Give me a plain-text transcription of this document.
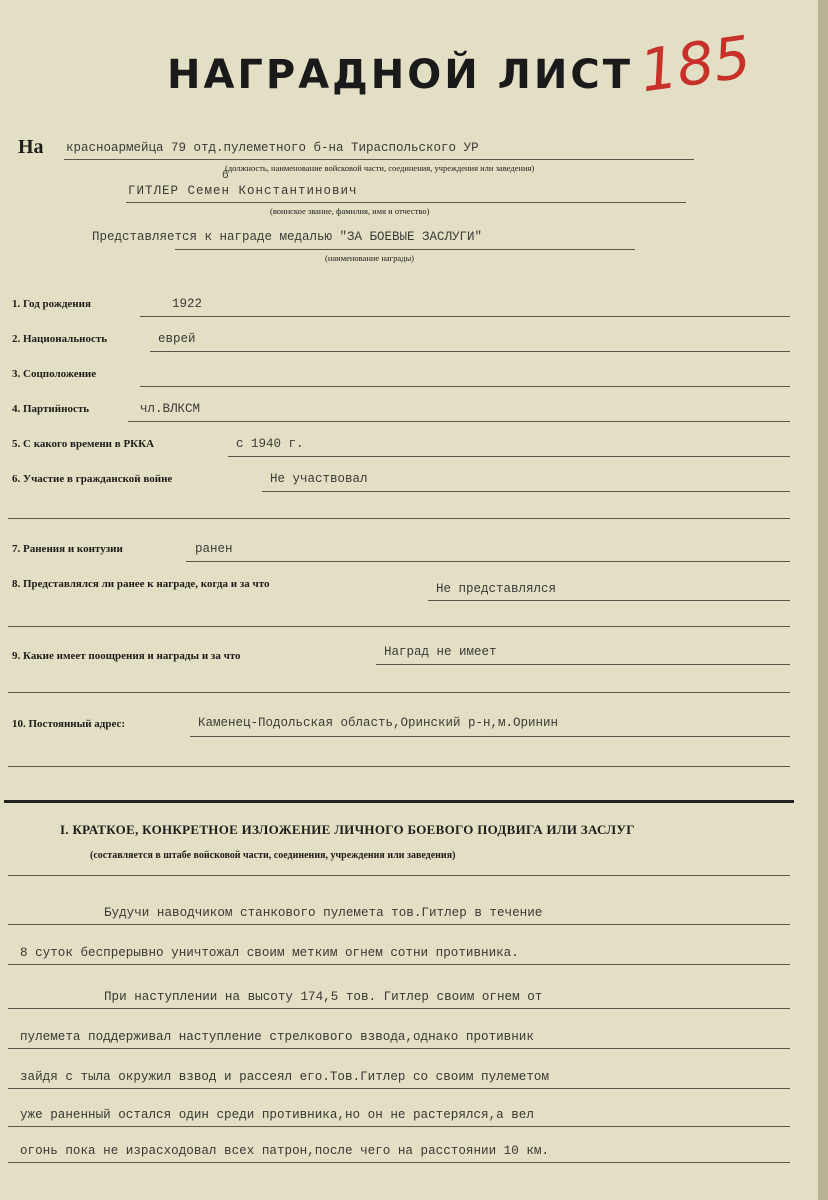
НАГРАДНОЙ ЛИСТ 185
На красноармейца 79 отд.пулеметного б-на Тираспольского УР
(должность, наименование войсковой части, соединения, учреждения или заведения)
б
ГИТЛЕР Семен Константинович
(воинское звание, фамилия, имя и отчество)
Представляется к награде медалью "ЗА БОЕВЫЕ ЗАСЛУГИ"
(наименование награды)
1. Год рождения	1922
2. Национальность	еврей
3. Соцположение
4. Партийность	чл.ВЛКСМ
5. С какого времени в РККА	с 1940 г.
6. Участие в гражданской войне	Не участвовал
7. Ранения и контузии	ранен
8. Представлялся ли ранее к награде, когда и за что	Не представлялся
9. Какие имеет поощрения и награды и за что	Наград не имеет
10. Постоянный адрес:	Каменец-Подольская область,Оринский р-н,м.Оринин
I. КРАТКОЕ, КОНКРЕТНОЕ ИЗЛОЖЕНИЕ ЛИЧНОГО БОЕВОГО ПОДВИГА ИЛИ ЗАСЛУГ
(составляется в штабе войсковой части, соединения, учреждения или заведения)
Будучи наводчиком станкового пулемета тов.Гитлер в течение
8 суток беспрерывно уничтожал своим метким огнем сотни противника.
При наступлении на высоту 174,5 тов. Гитлер своим огнем от
пулемета поддерживал наступление стрелкового взвода,однако противник
зайдя с тыла окружил взвод и рассеял его.Тов.Гитлер со своим пулеметом
уже раненный остался один среди противника,но он не растерялся,а вел
огонь пока не израсходовал всех патрон,после чего на расстоянии 10 км.
